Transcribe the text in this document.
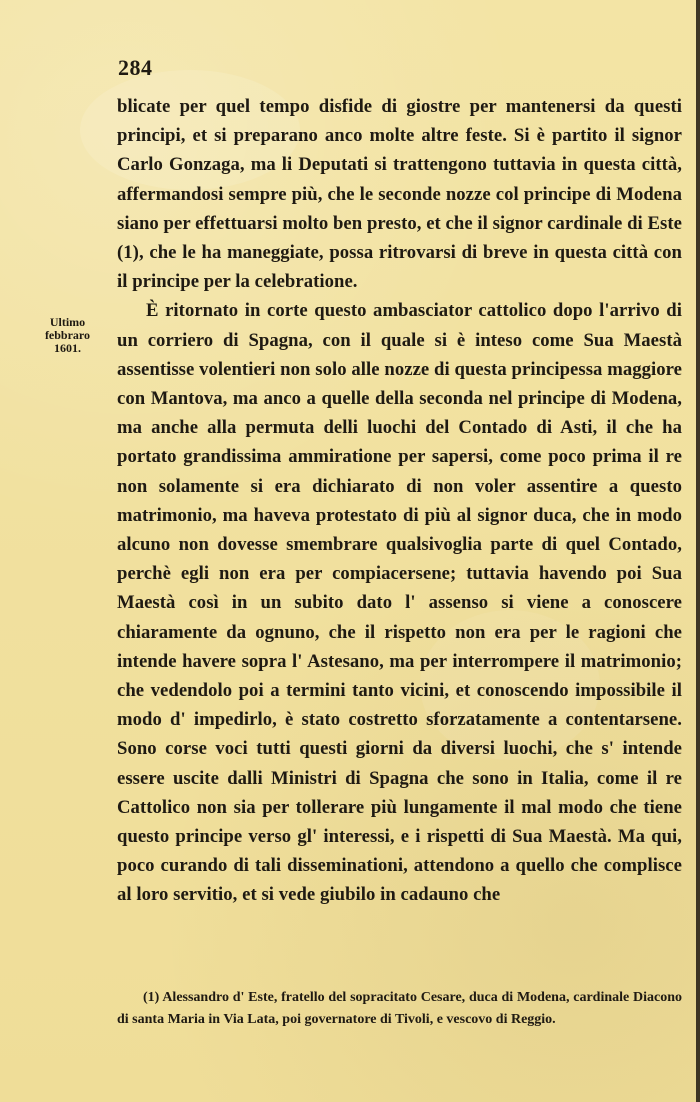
284
Ultimo
febbraro
1601.

blicate per quel tempo disfide di giostre per mantenersi da questi principi, et si preparano anco molte altre feste. Si è partito il signor Carlo Gonzaga, ma li Deputati si trattengono tuttavia in questa città, affermandosi sempre più, che le seconde nozze col principe di Modena siano per effettuarsi molto ben presto, et che il signor cardinale di Este (1), che le ha maneggiate, possa ritrovarsi di breve in questa città con il principe per la celebratione.

È ritornato in corte questo ambasciator cattolico dopo l'arrivo di un corriero di Spagna, con il quale si è inteso come Sua Maestà assentisse volentieri non solo alle nozze di questa principessa maggiore con Mantova, ma anco a quelle della seconda nel principe di Modena, ma anche alla permuta delli luochi del Contado di Asti, il che ha portato grandissima ammiratione per sapersi, come poco prima il re non solamente si era dichiarato di non voler assentire a questo matrimonio, ma haveva protestato di più al signor duca, che in modo alcuno non dovesse smembrare qualsivoglia parte di quel Contado, perchè egli non era per compiacersene; tuttavia havendo poi Sua Maestà così in un subito dato l' assenso si viene a conoscere chiaramente da ognuno, che il rispetto non era per le ragioni che intende havere sopra l' Astesano, ma per interrompere il matrimonio; che vedendolo poi a termini tanto vicini, et conoscendo impossibile il modo d' impedirlo, è stato costretto sforzatamente a contentarsene. Sono corse voci tutti questi giorni da diversi luochi, che s' intende essere uscite dalli Ministri di Spagna che sono in Italia, come il re Cattolico non sia per tollerare più lungamente il mal modo che tiene questo principe verso gl' interessi, e i rispetti di Sua Maestà. Ma qui, poco curando di tali disseminationi, attendono a quello che complisce al loro servitio, et si vede giubilo in cadauno che

(1) Alessandro d' Este, fratello del sopracitato Cesare, duca di Modena, cardinale Diacono di santa Maria in Via Lata, poi governatore di Tivoli, e vescovo di Reggio.
